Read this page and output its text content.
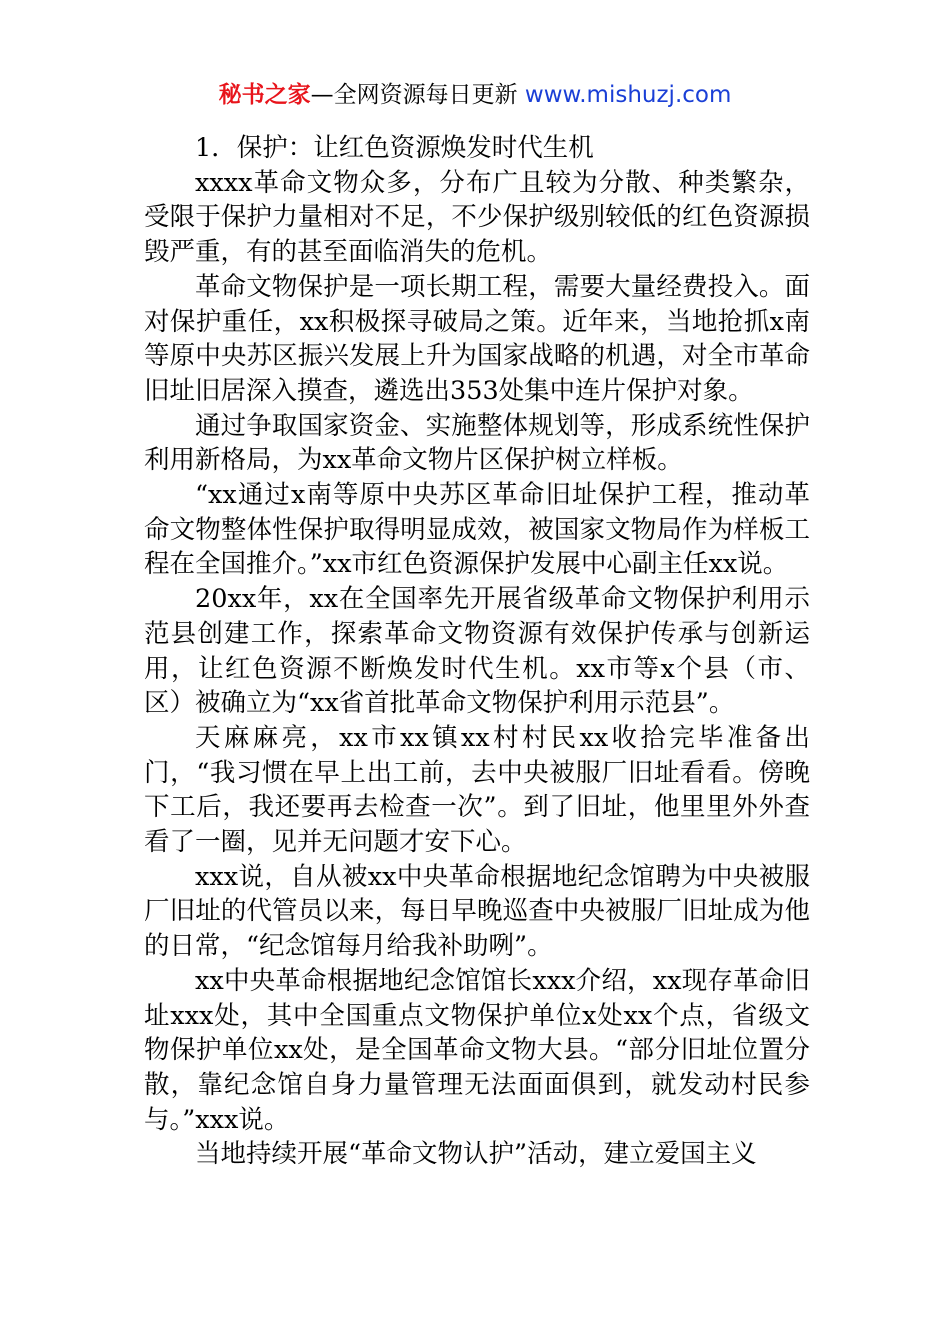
秘书之家—全网资源每日更新 www.mishuzj.com

1．保护：让红色资源焕发时代生机

xxxx革命文物众多，分布广且较为分散、种类繁杂，受限于保护力量相对不足，不少保护级别较低的红色资源损毁严重，有的甚至面临消失的危机。

革命文物保护是一项长期工程，需要大量经费投入。面对保护重任，xx积极探寻破局之策。近年来，当地抢抓x南等原中央苏区振兴发展上升为国家战略的机遇，对全市革命旧址旧居深入摸查，遴选出353处集中连片保护对象。

通过争取国家资金、实施整体规划等，形成系统性保护利用新格局，为xx革命文物片区保护树立样板。

“xx通过x南等原中央苏区革命旧址保护工程，推动革命文物整体性保护取得明显成效，被国家文物局作为样板工程在全国推介。”xx市红色资源保护发展中心副主任xx说。

20xx年，xx在全国率先开展省级革命文物保护利用示范县创建工作，探索革命文物资源有效保护传承与创新运用，让红色资源不断焕发时代生机。xx市等x个县（市、区）被确立为“xx省首批革命文物保护利用示范县”。

天麻麻亮，xx市xx镇xx村村民xx收拾完毕准备出门，“我习惯在早上出工前，去中央被服厂旧址看看。傍晚下工后，我还要再去检查一次”。到了旧址，他里里外外查看了一圈，见并无问题才安下心。

xxx说，自从被xx中央革命根据地纪念馆聘为中央被服厂旧址的代管员以来，每日早晚巡查中央被服厂旧址成为他的日常，“纪念馆每月给我补助咧”。

xx中央革命根据地纪念馆馆长xxx介绍，xx现存革命旧址xxx处，其中全国重点文物保护单位x处xx个点，省级文物保护单位xx处，是全国革命文物大县。“部分旧址位置分散，靠纪念馆自身力量管理无法面面俱到，就发动村民参与。”xxx说。

当地持续开展“革命文物认护”活动，建立爱国主义
